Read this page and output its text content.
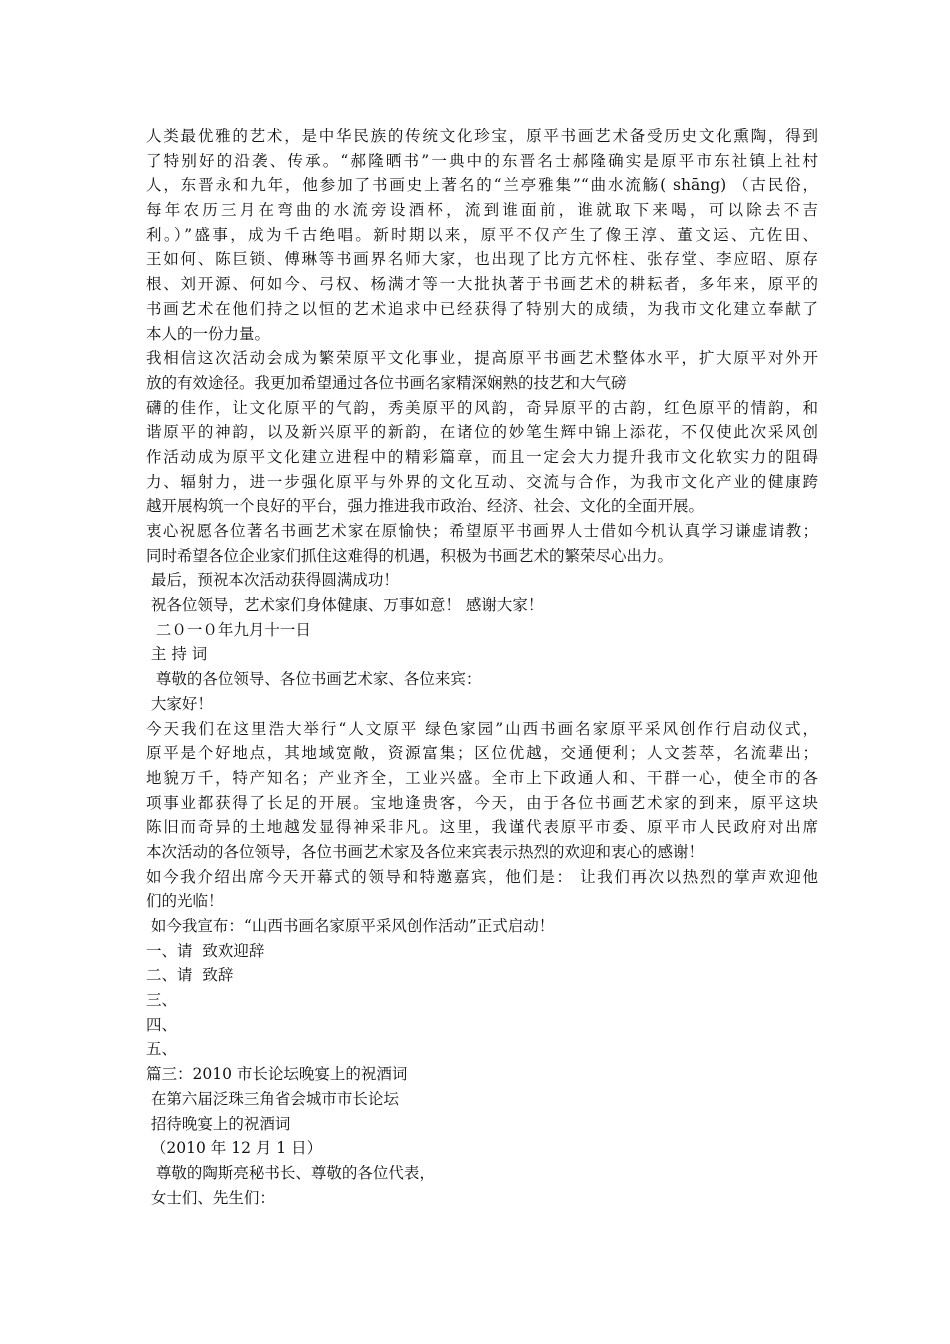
人类最优雅的艺术，是中华民族的传统文化珍宝，原平书画艺术备受历史文化熏陶，得到
了特别好的沿袭、传承。“郝隆晒书”一典中的东晋名士郝隆确实是原平市东社镇上社村
人，东晋永和九年，他参加了书画史上著名的“兰亭雅集”“曲水流觞( shāng) （古民俗，
每年农历三月在弯曲的水流旁设酒杯，流到谁面前，谁就取下来喝，可以除去不吉
利。）”盛事，成为千古绝唱。新时期以来，原平不仅产生了像王淳、董文运、亢佐田、
王如何、陈巨锁、傅琳等书画界名师大家，也出现了比方亢怀柱、张存堂、李应昭、原存
根、刘开源、何如今、弓权、杨满才等一大批执著于书画艺术的耕耘者，多年来，原平的
书画艺术在他们持之以恒的艺术追求中已经获得了特别大的成绩，为我市文化建立奉献了
本人的一份力量。
我相信这次活动会成为繁荣原平文化事业，提高原平书画艺术整体水平，扩大原平对外开
放的有效途径。我更加希望通过各位书画名家精深娴熟的技艺和大气磅
礴的佳作，让文化原平的气韵，秀美原平的风韵，奇异原平的古韵，红色原平的情韵，和
谐原平的神韵，以及新兴原平的新韵，在诸位的妙笔生辉中锦上添花，不仅使此次采风创
作活动成为原平文化建立进程中的精彩篇章，而且一定会大力提升我市文化软实力的阻碍
力、辐射力，进一步强化原平与外界的文化互动、交流与合作，为我市文化产业的健康跨
越开展构筑一个良好的平台，强力推进我市政治、经济、社会、文化的全面开展。
衷心祝愿各位著名书画艺术家在原愉快；希望原平书画界人士借如今机认真学习谦虚请教；
同时希望各位企业家们抓住这难得的机遇，积极为书画艺术的繁荣尽心出力。
最后，预祝本次活动获得圆满成功！
祝各位领导，艺术家们身体健康、万事如意！ 感谢大家！
二０一０年九月十一日
主 持 词
尊敬的各位领导、各位书画艺术家、各位来宾：
大家好！
今天我们在这里浩大举行“人文原平 绿色家园”山西书画名家原平采风创作行启动仪式，
原平是个好地点，其地域宽敞，资源富集；区位优越，交通便利；人文荟萃，名流辈出；
地貌万千，特产知名；产业齐全，工业兴盛。全市上下政通人和、干群一心，使全市的各
项事业都获得了长足的开展。宝地逢贵客，今天，由于各位书画艺术家的到来，原平这块
陈旧而奇异的土地越发显得神采非凡。这里，我谨代表原平市委、原平市人民政府对出席
本次活动的各位领导，各位书画艺术家及各位来宾表示热烈的欢迎和衷心的感谢！
如今我介绍出席今天开幕式的领导和特邀嘉宾，他们是： 让我们再次以热烈的掌声欢迎他
们的光临！
如今我宣布：“山西书画名家原平采风创作活动”正式启动！
一、请  致欢迎辞
二、请  致辞
三、
四、
五、
篇三：2010 市长论坛晚宴上的祝酒词
在第六届泛珠三角省会城市市长论坛
招待晚宴上的祝酒词
（2010 年 12 月 1 日）
尊敬的陶斯亮秘书长、尊敬的各位代表，
女士们、先生们：
